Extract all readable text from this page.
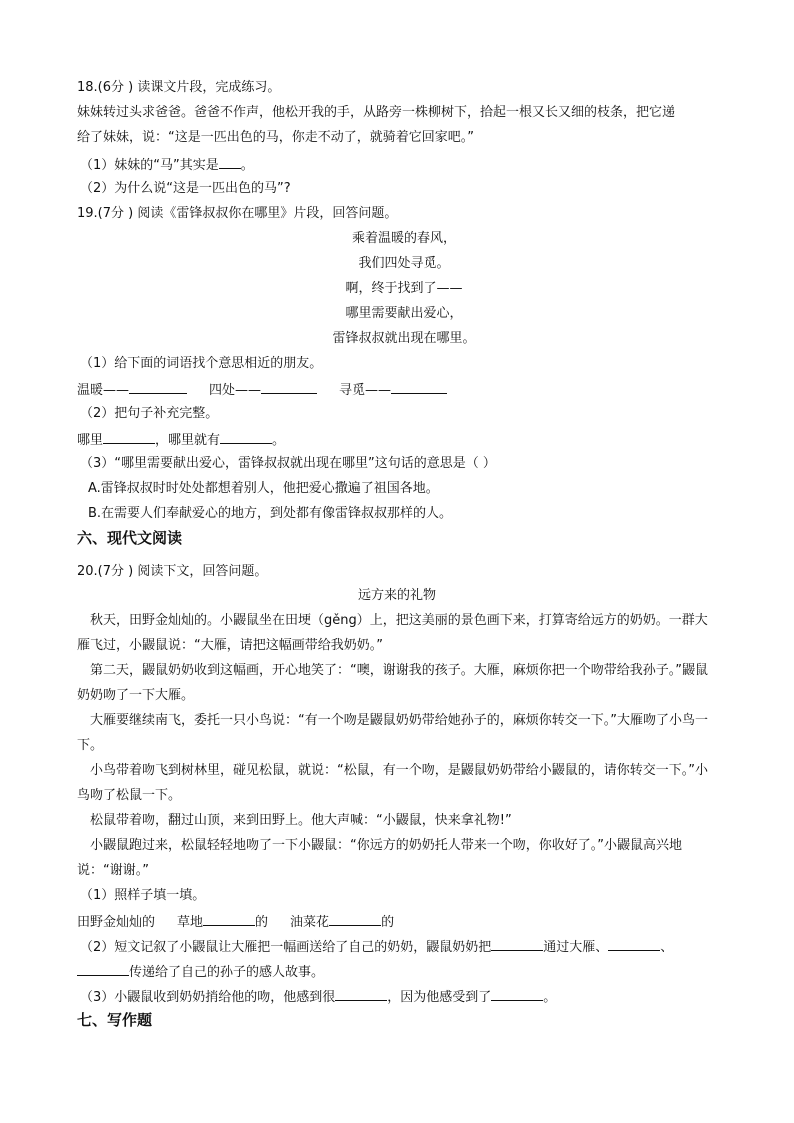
18.(6分 ) 读课文片段，完成练习。
妹妹转过头求爸爸。爸爸不作声，他松开我的手，从路旁一株柳树下，拾起一根又长又细的枝条，把它递
给了妹妹，说：“这是一匹出色的马，你走不动了，就骑着它回家吧。”
（1）妹妹的“马”其实是 。
（2）为什么说“这是一匹出色的马”?
19.(7分 ) 阅读《雷锋叔叔你在哪里》片段，回答问题。
乘着温暖的春风，
我们四处寻觅。
啊，终于找到了——
哪里需要献出爱心，
雷锋叔叔就出现在哪里。
（1）给下面的词语找个意思相近的朋友。
温暖——	四处——	寻觅——
（2）把句子补充完整。
哪里	，哪里就有	。
（3）“哪里需要献出爱心，雷锋叔叔就出现在哪里”这句话的意思是（ ）
A.雷锋叔叔时时处处都想着别人，他把爱心撒遍了祖国各地。
B.在需要人们奉献爱心的地方，到处都有像雷锋叔叔那样的人。
六、现代文阅读
20.(7分 ) 阅读下文，回答问题。
远方来的礼物
秋天，田野金灿灿的。小鼹鼠坐在田埂（gěng）上，把这美丽的景色画下来，打算寄给远方的奶奶。一群大雁飞过，小鼹鼠说：“大雁，请把这幅画带给我奶奶。”
第二天，鼹鼠奶奶收到这幅画，开心地笑了：“噢，谢谢我的孩子。大雁，麻烦你把一个吻带给我孙子。”鼹鼠奶奶吻了一下大雁。
大雁要继续南飞，委托一只小鸟说：“有一个吻是鼹鼠奶奶带给她孙子的，麻烦你转交一下。”大雁吻了小鸟一下。
小鸟带着吻飞到树林里，碰见松鼠，就说：“松鼠，有一个吻，是鼹鼠奶奶带给小鼹鼠的，请你转交一下。”小鸟吻了松鼠一下。
松鼠带着吻，翻过山顶，来到田野上。他大声喊：“小鼹鼠，快来拿礼物!”
小鼹鼠跑过来，松鼠轻轻地吻了一下小鼹鼠：“你远方的奶奶托人带来一个吻，你收好了。”小鼹鼠高兴地说：“谢谢。”
（1）照样子填一填。
田野金灿灿的 草地	的 油菜花	的
（2）短文记叙了小鼹鼠让大雁把一幅画送给了自己的奶奶，鼹鼠奶奶把	通过大雁、	、
传递给了自己的孙子的感人故事。
（3）小鼹鼠收到奶奶捎给他的吻，他感到很	，因为他感受到了	。
七、写作题
